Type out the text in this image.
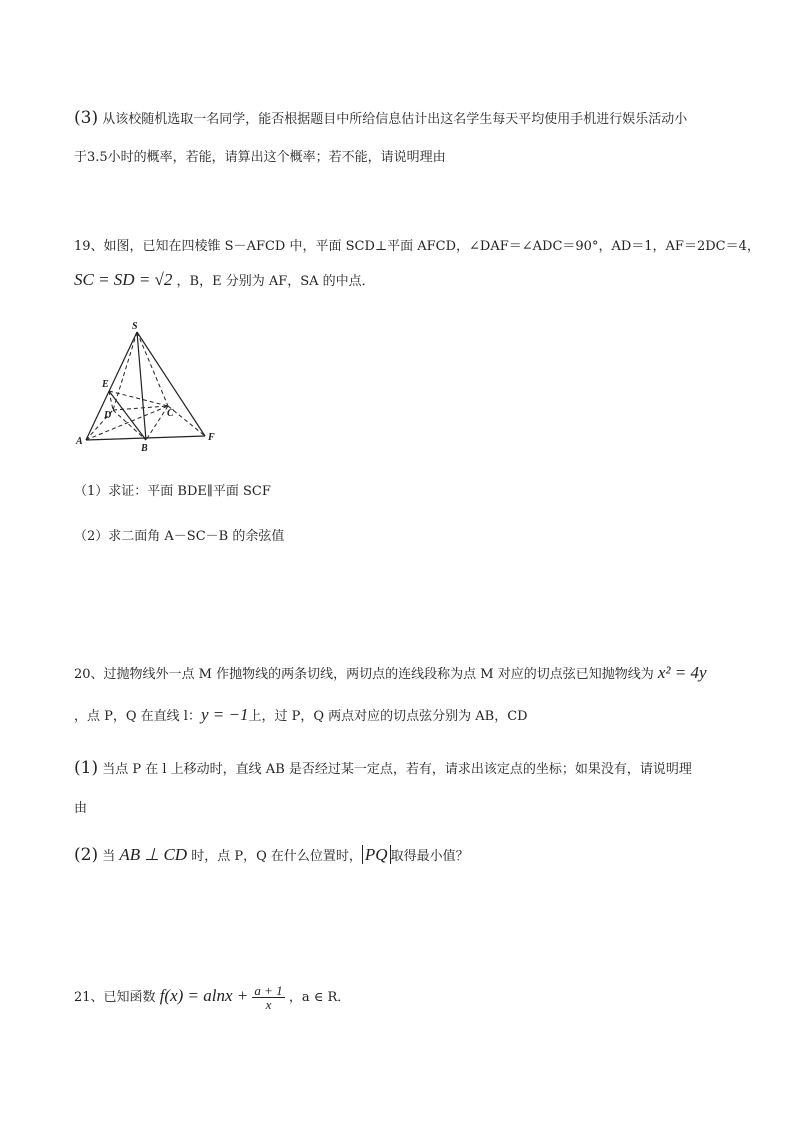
(3) 从该校随机选取一名同学，能否根据题目中所给信息估计出这名学生每天平均使用手机进行娱乐活动小
于3.5小时的概率，若能，请算出这个概率；若不能，请说明理由
19、如图，已知在四棱锥 S－AFCD 中，平面 SCD⊥平面 AFCD，∠DAF＝∠ADC＝90°，AD＝1，AF＝2DC＝4，
SC = SD = √2 ，B，E 分别为 AF，SA 的中点．
S
E
D	C
A
B
F
（1）求证：平面 BDE∥平面 SCF
（2）求二面角 A－SC－B 的余弦值
20、过抛物线外一点 M 作抛物线的两条切线，两切点的连线段称为点 M 对应的切点弦已知抛物线为 x² = 4y
，点 P，Q 在直线 l：y = −1上，过 P，Q 两点对应的切点弦分别为 AB，CD
(1) 当点 P 在 l 上移动时，直线 AB 是否经过某一定点，若有，请求出该定点的坐标；如果没有，请说明理
由
(2) 当 AB ⊥ CD 时，点 P，Q 在什么位置时， PQ 取得最小值？
21、已知函数 $f(x) = alnx + \frac{a + 1}{x}$ ，a ∈ R．
